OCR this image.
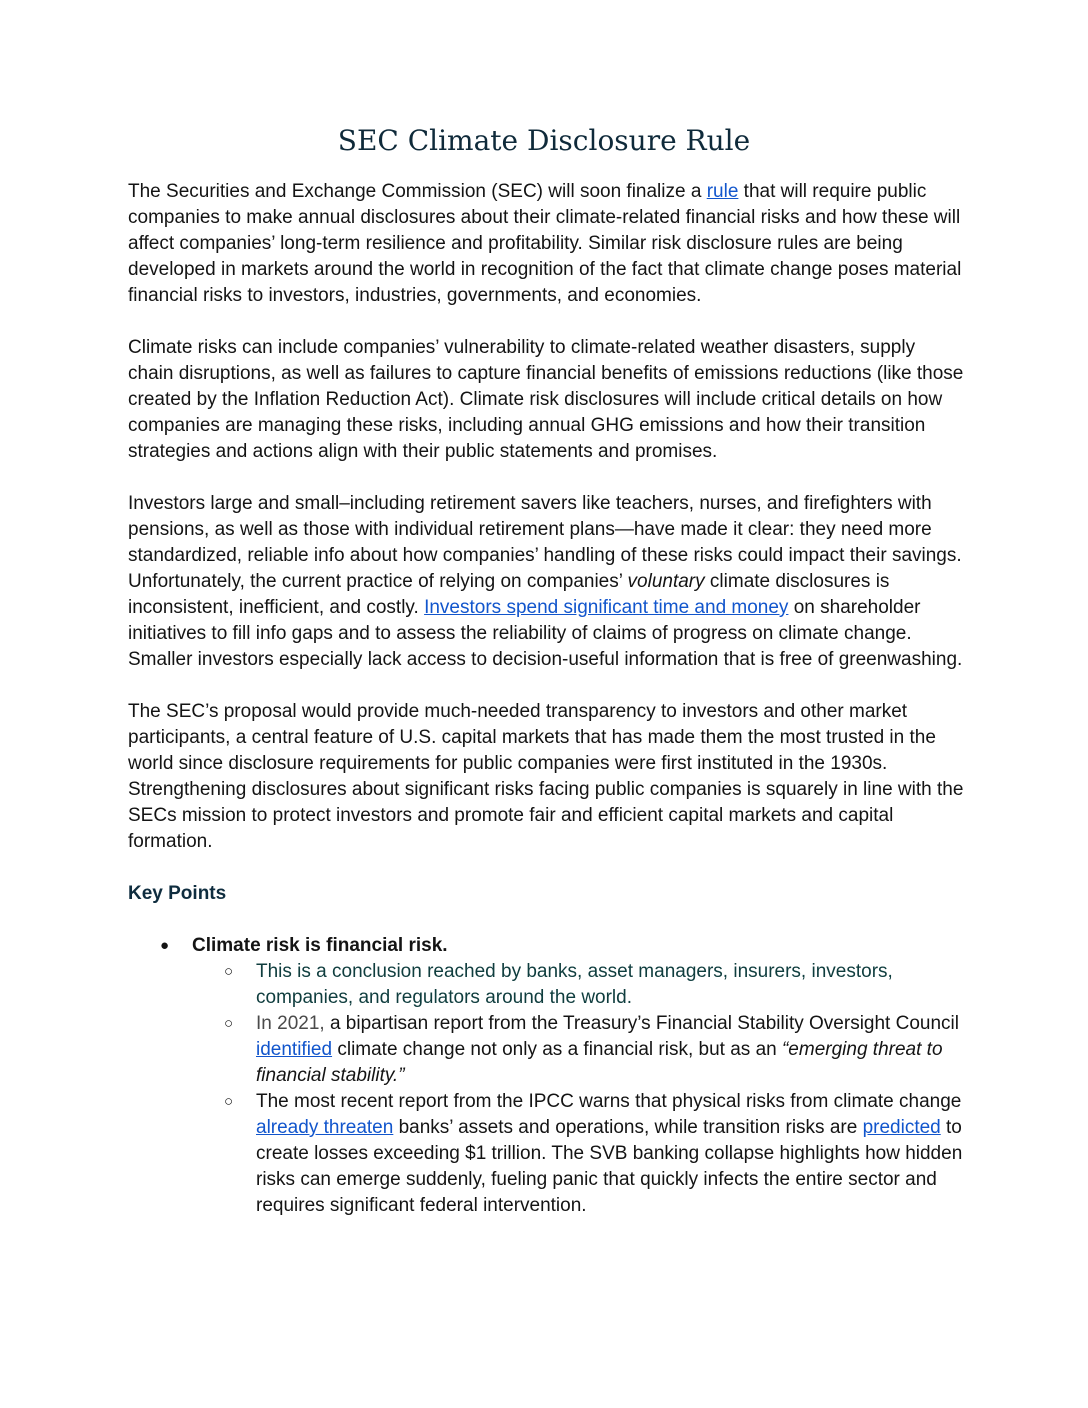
SEC Climate Disclosure Rule

The Securities and Exchange Commission (SEC) will soon finalize a rule that will require public companies to make annual disclosures about their climate-related financial risks and how these will affect companies’ long-term resilience and profitability. Similar risk disclosure rules are being developed in markets around the world in recognition of the fact that climate change poses material financial risks to investors, industries, governments, and economies.

Climate risks can include companies’ vulnerability to climate-related weather disasters, supply chain disruptions, as well as failures to capture financial benefits of emissions reductions (like those created by the Inflation Reduction Act). Climate risk disclosures will include critical details on how companies are managing these risks, including annual GHG emissions and how their transition strategies and actions align with their public statements and promises.

Investors large and small–including retirement savers like teachers, nurses, and firefighters with pensions, as well as those with individual retirement plans—have made it clear: they need more standardized, reliable info about how companies’ handling of these risks could impact their savings. Unfortunately, the current practice of relying on companies’ voluntary climate disclosures is inconsistent, inefficient, and costly. Investors spend significant time and money on shareholder initiatives to fill info gaps and to assess the reliability of claims of progress on climate change. Smaller investors especially lack access to decision-useful information that is free of greenwashing.

The SEC’s proposal would provide much-needed transparency to investors and other market participants, a central feature of U.S. capital markets that has made them the most trusted in the world since disclosure requirements for public companies were first instituted in the 1930s. Strengthening disclosures about significant risks facing public companies is squarely in line with the SECs mission to protect investors and promote fair and efficient capital markets and capital formation.

Key Points
● Climate risk is financial risk.
○ This is a conclusion reached by banks, asset managers, insurers, investors, companies, and regulators around the world.
○ In 2021, a bipartisan report from the Treasury’s Financial Stability Oversight Council identified climate change not only as a financial risk, but as an “emerging threat to financial stability.”
○ The most recent report from the IPCC warns that physical risks from climate change already threaten banks’ assets and operations, while transition risks are predicted to create losses exceeding $1 trillion. The SVB banking collapse highlights how hidden risks can emerge suddenly, fueling panic that quickly infects the entire sector and requires significant federal intervention.
